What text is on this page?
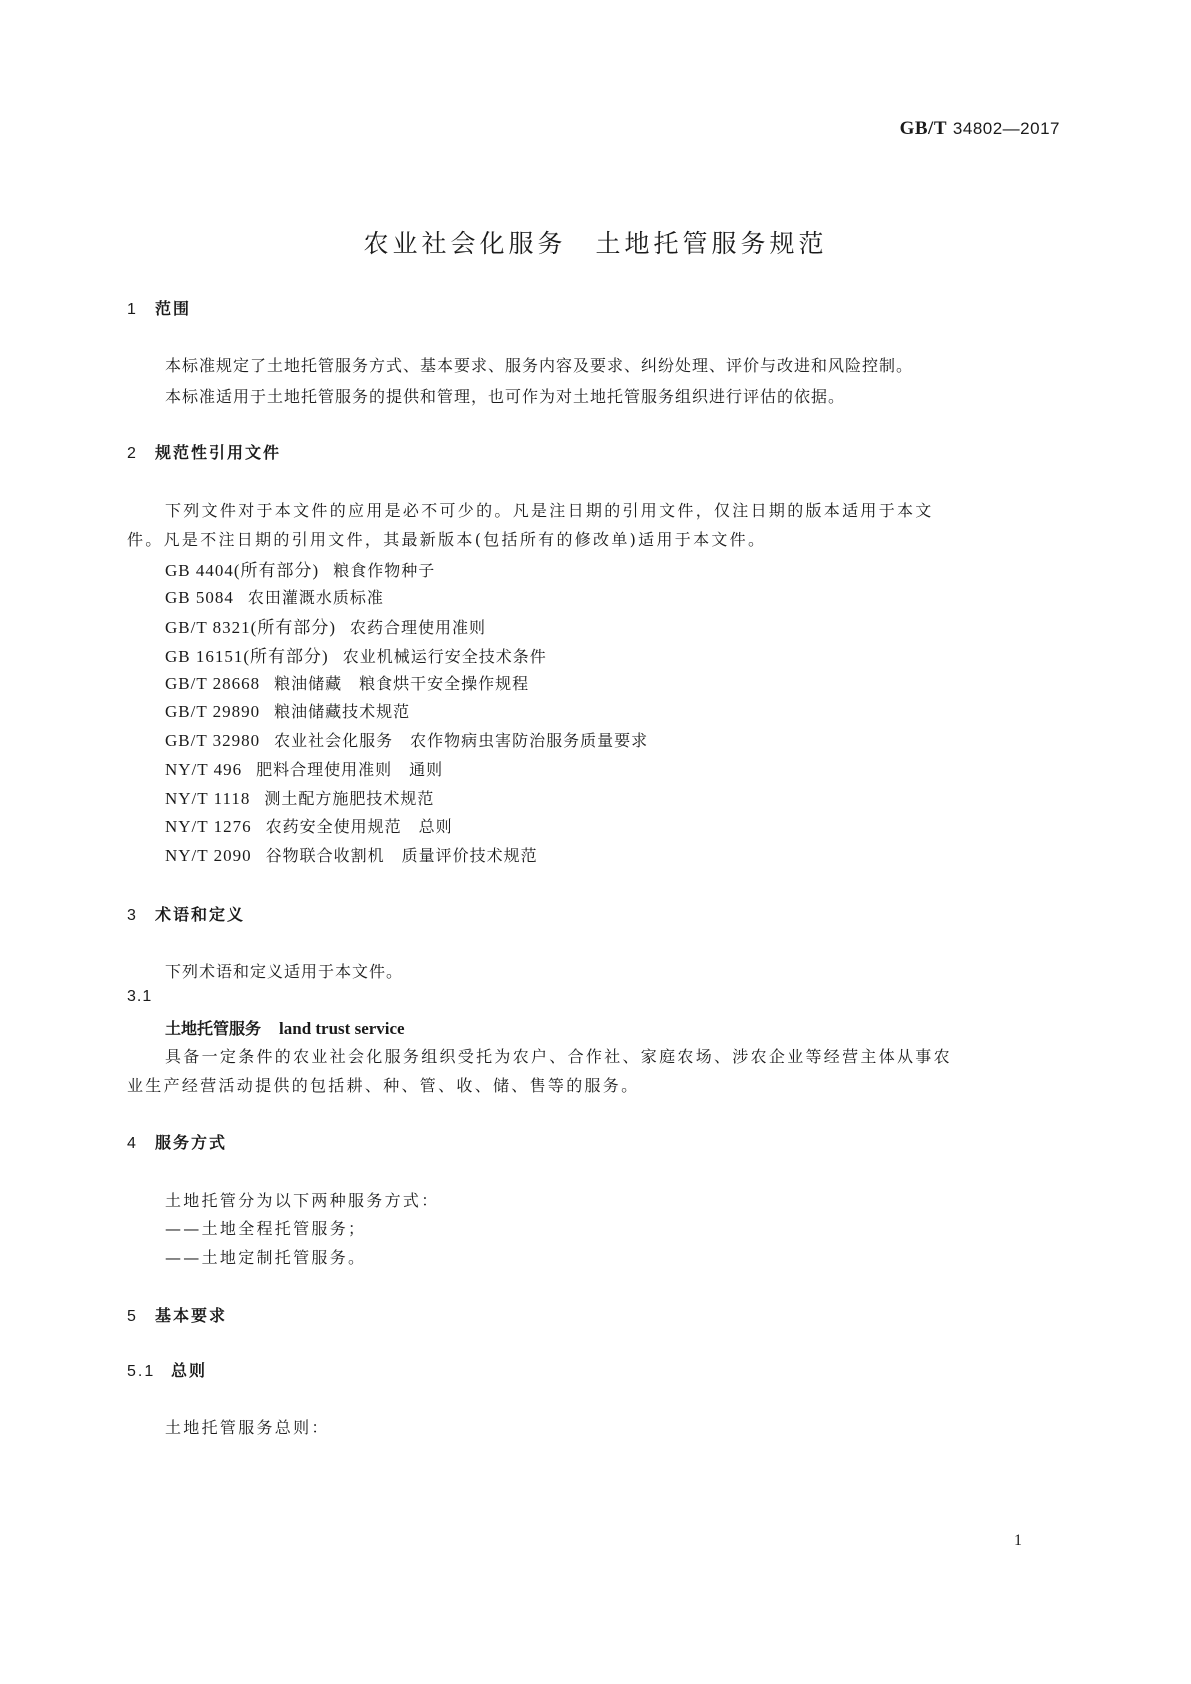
GB/T 34802—2017
农业社会化服务　土地托管服务规范
1 范围
本标准规定了土地托管服务方式、基本要求、服务内容及要求、纠纷处理、评价与改进和风险控制。
本标准适用于土地托管服务的提供和管理，也可作为对土地托管服务组织进行评估的依据。
2 规范性引用文件
下列文件对于本文件的应用是必不可少的。凡是注日期的引用文件，仅注日期的版本适用于本文
件。凡是不注日期的引用文件，其最新版本(包括所有的修改单)适用于本文件。
GB 4404(所有部分) 粮食作物种子
GB 5084 农田灌溉水质标准
GB/T 8321(所有部分) 农药合理使用准则
GB 16151(所有部分) 农业机械运行安全技术条件
GB/T 28668 粮油储藏　粮食烘干安全操作规程
GB/T 29890 粮油储藏技术规范
GB/T 32980 农业社会化服务　农作物病虫害防治服务质量要求
NY/T 496 肥料合理使用准则　通则
NY/T 1118 测土配方施肥技术规范
NY/T 1276 农药安全使用规范　总则
NY/T 2090 谷物联合收割机　质量评价技术规范
3 术语和定义
下列术语和定义适用于本文件。
3.1
土地托管服务 land trust service
具备一定条件的农业社会化服务组织受托为农户、合作社、家庭农场、涉农企业等经营主体从事农
业生产经营活动提供的包括耕、种、管、收、储、售等的服务。
4 服务方式
土地托管分为以下两种服务方式：
——土地全程托管服务；
——土地定制托管服务。
5 基本要求
5.1 总则
土地托管服务总则：
1
